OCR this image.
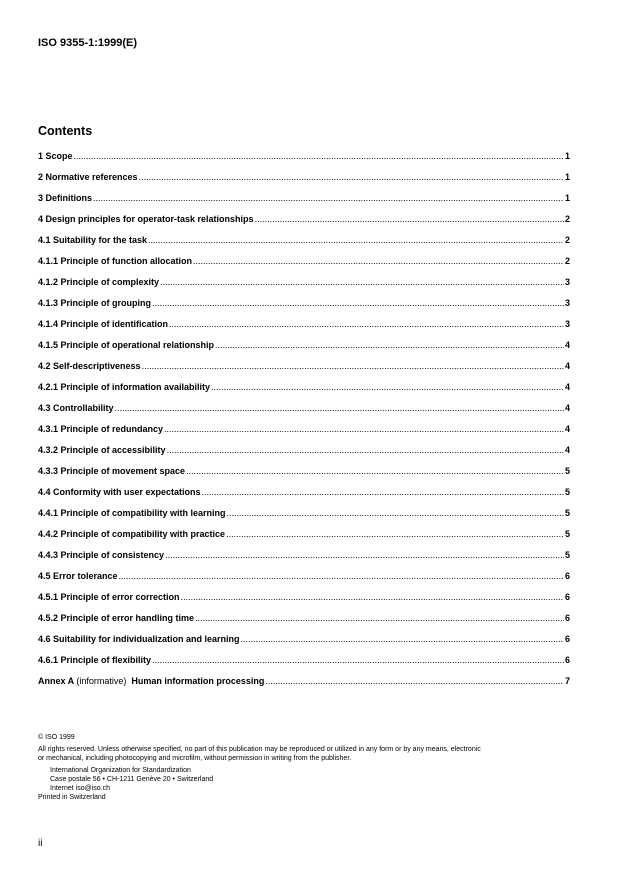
ISO 9355-1:1999(E)
Contents
1 Scope .....	1
2 Normative references .....	1
3 Definitions .....	1
4 Design principles for operator-task relationships .....	2
4.1 Suitability for the task .....	2
4.1.1 Principle of function allocation .....	2
4.1.2 Principle of complexity .....	3
4.1.3 Principle of grouping .....	3
4.1.4 Principle of identification .....	3
4.1.5 Principle of operational relationship .....	4
4.2 Self-descriptiveness .....	4
4.2.1 Principle of information availability .....	4
4.3 Controllability .....	4
4.3.1 Principle of redundancy .....	4
4.3.2 Principle of accessibility .....	4
4.3.3 Principle of movement space .....	5
4.4 Conformity with user expectations .....	5
4.4.1 Principle of compatibility with learning .....	5
4.4.2 Principle of compatibility with practice .....	5
4.4.3 Principle of consistency .....	5
4.5 Error tolerance .....	6
4.5.1 Principle of error correction .....	6
4.5.2 Principle of error handling time .....	6
4.6 Suitability for individualization and learning .....	6
4.6.1 Principle of flexibility .....	6
Annex A (informative) Human information processing .....	7
© ISO 1999
All rights reserved. Unless otherwise specified, no part of this publication may be reproduced or utilized in any form or by any means, electronic
or mechanical, including photocopying and microfilm, without permission in writing from the publisher.
International Organization for Standardization
Case postale 56 • CH-1211 Genève 20 • Switzerland
Internet iso@iso.ch
Printed in Switzerland
ii
